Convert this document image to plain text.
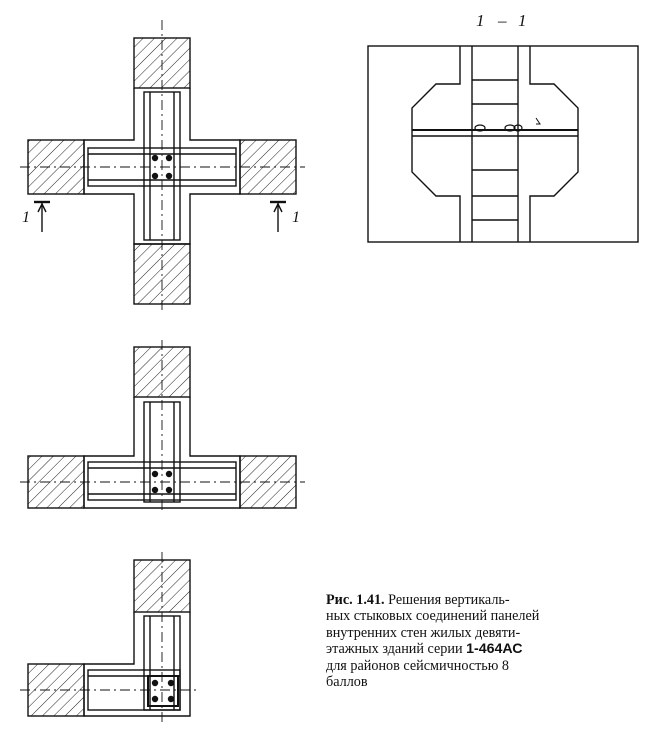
1 – 1
1	1
Рис. 1.41. Решения вертикаль-
ных стыковых соединений панелей
внутренних стен жилых девяти-
этажных зданий серии 1-464АС
для районов сейсмичностью 8
баллов
